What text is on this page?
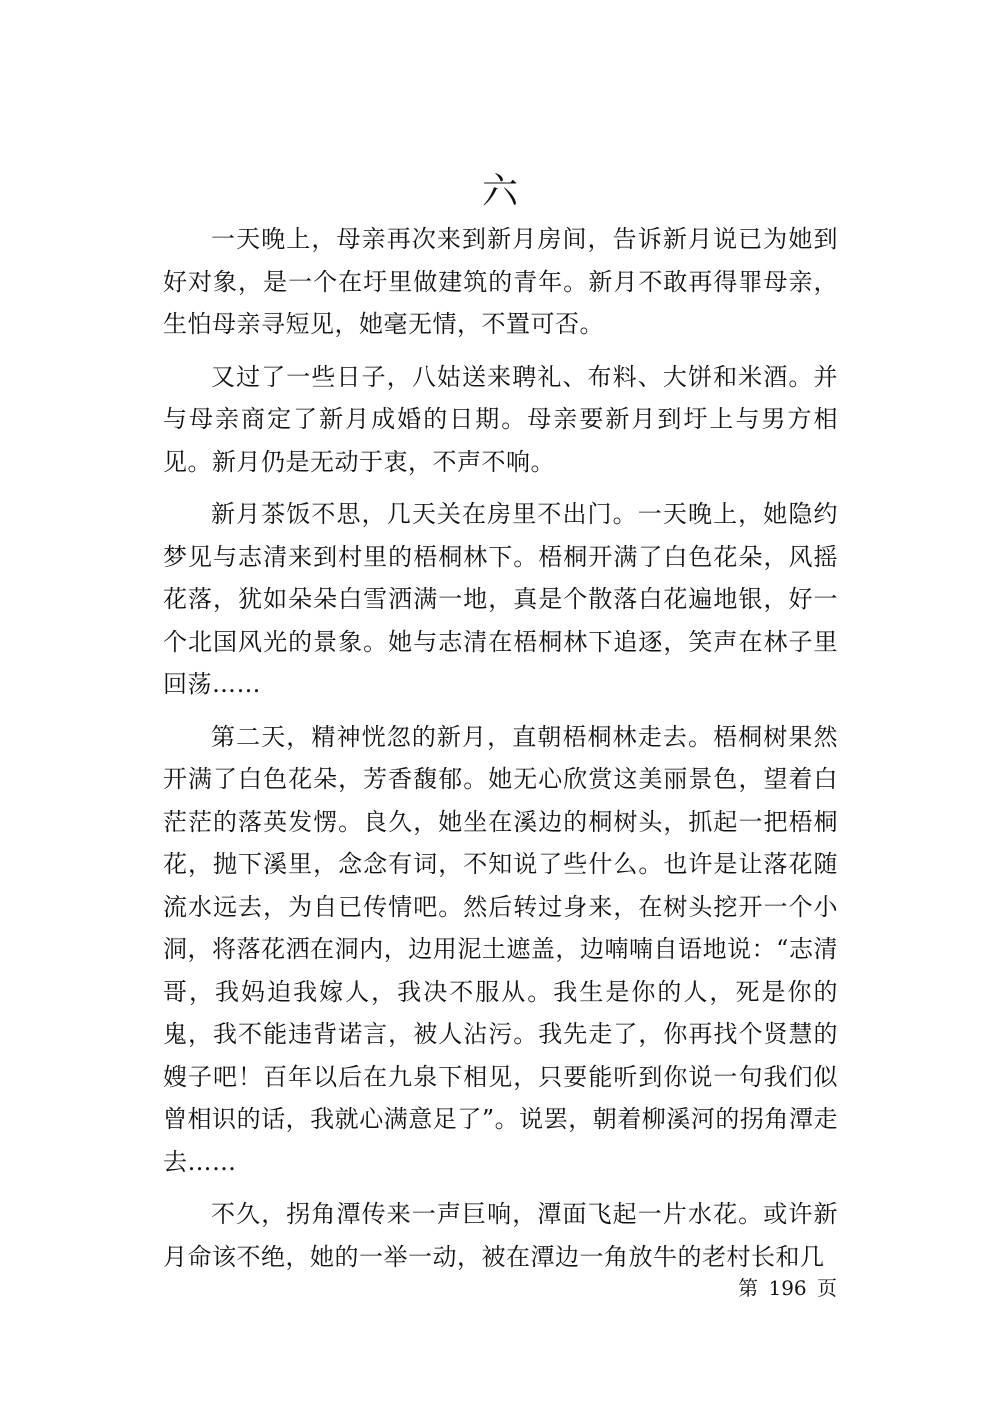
六

一天晚上，母亲再次来到新月房间，告诉新月说已为她到好对象，是一个在圩里做建筑的青年。新月不敢再得罪母亲，生怕母亲寻短见，她毫无情，不置可否。

又过了一些日子，八姑送来聘礼、布料、大饼和米酒。并与母亲商定了新月成婚的日期。母亲要新月到圩上与男方相见。新月仍是无动于衷，不声不响。

新月茶饭不思，几天关在房里不出门。一天晚上，她隐约梦见与志清来到村里的梧桐林下。梧桐开满了白色花朵，风摇花落，犹如朵朵白雪洒满一地，真是个散落白花遍地银，好一个北国风光的景象。她与志清在梧桐林下追逐，笑声在林子里回荡……

第二天，精神恍忽的新月，直朝梧桐林走去。梧桐树果然开满了白色花朵，芳香馥郁。她无心欣赏这美丽景色，望着白茫茫的落英发愣。良久，她坐在溪边的桐树头，抓起一把梧桐花，抛下溪里，念念有词，不知说了些什么。也许是让落花随流水远去，为自已传情吧。然后转过身来，在树头挖开一个小洞，将落花洒在洞内，边用泥土遮盖，边喃喃自语地说：“志清哥，我妈迫我嫁人，我决不服从。我生是你的人，死是你的鬼，我不能违背诺言，被人沾污。我先走了，你再找个贤慧的嫂子吧！百年以后在九泉下相见，只要能听到你说一句我们似曾相识的话，我就心满意足了”。说罢，朝着柳溪河的拐角潭走去……

不久，拐角潭传来一声巨响，潭面飞起一片水花。或许新月命该不绝，她的一举一动，被在潭边一角放牛的老村长和几

第 196 页
